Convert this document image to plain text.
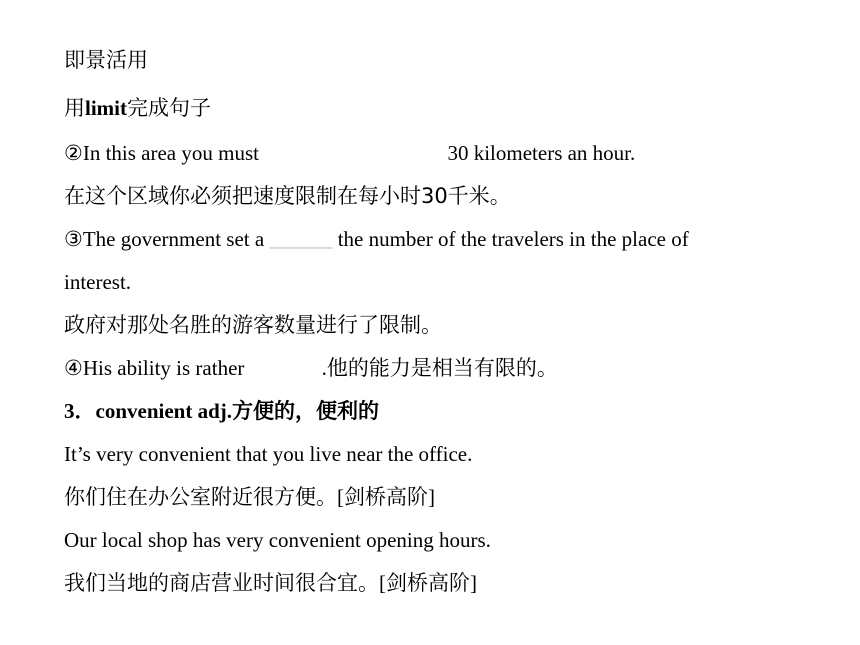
即景活用
用limit完成句子
②In this area you must	30 kilometers an hour.
在这个区域你必须把速度限制在每小时30千米。
③The government set a ______ the number of the travelers in the place of
interest.
政府对那处名胜的游客数量进行了限制。
④His ability is rather	.他的能力是相当有限的。
3．convenient adj.方便的，便利的
It’s very convenient that you live near the office.
你们住在办公室附近很方便。[剑桥高阶]
Our local shop has very convenient opening hours.
我们当地的商店营业时间很合宜。[剑桥高阶]
